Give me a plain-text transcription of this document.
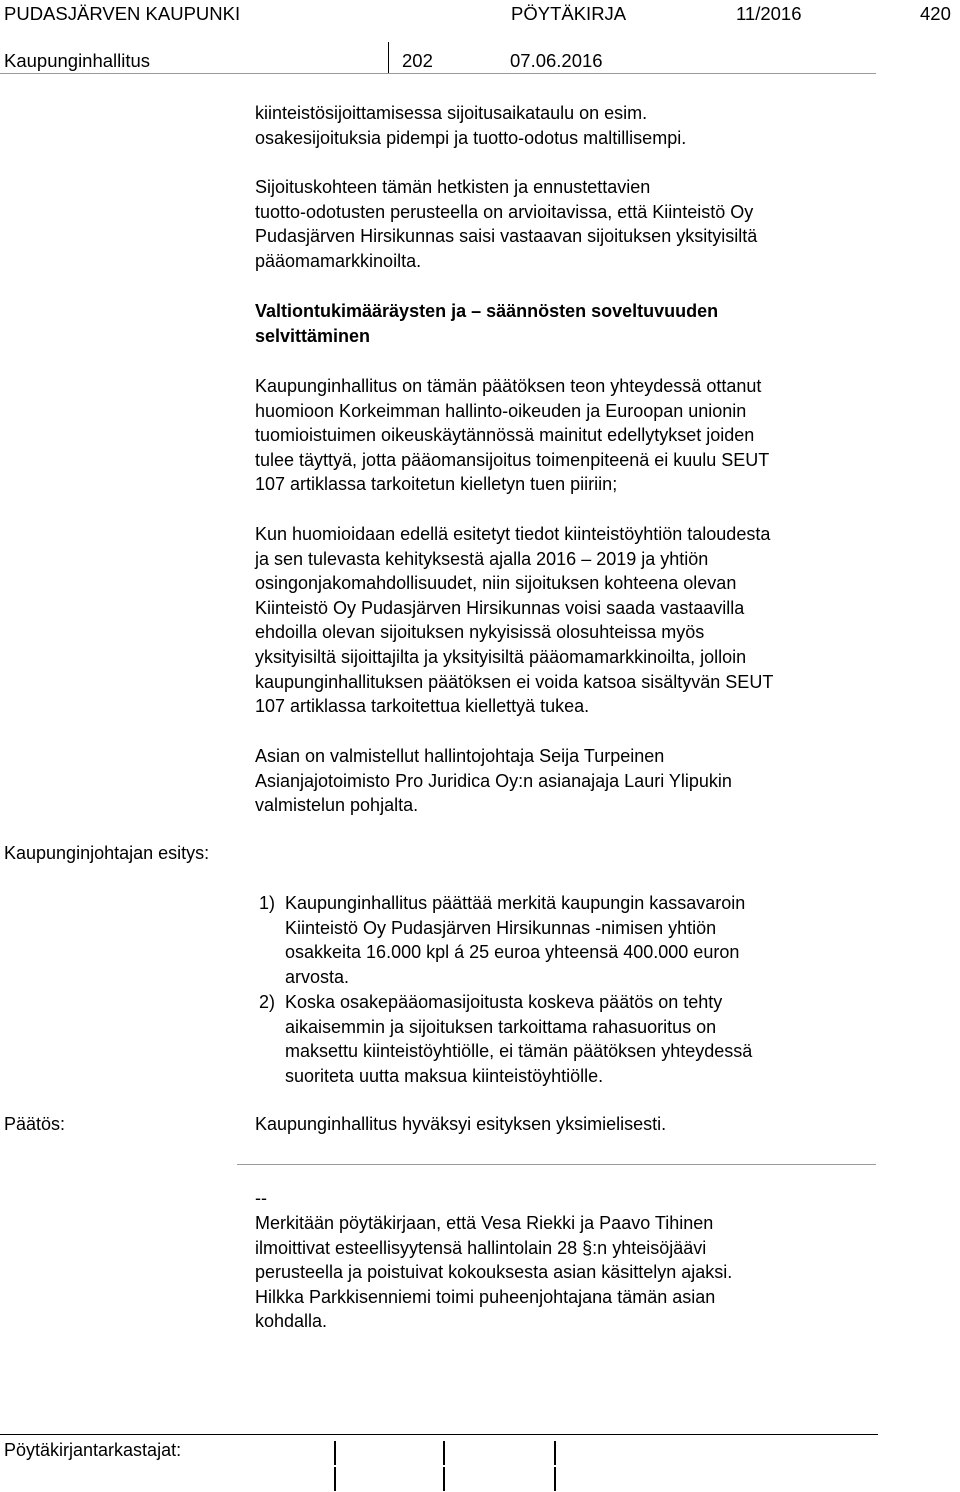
PUDASJÄRVEN KAUPUNKI	PÖYTÄKIRJA	11/2016	420
Kaupunginhallitus	202	07.06.2016

kiinteistösijoittamisessa sijoitusaikataulu on esim.

osakesijoituksia pidempi ja tuotto-odotus maltillisempi.

Sijoituskohteen tämän hetkisten ja ennustettavien

tuotto-odotusten perusteella on arvioitavissa, että Kiinteistö Oy

Pudasjärven Hirsikunnas saisi vastaavan sijoituksen yksityisiltä

pääomamarkkinoilta.

Valtiontukimääräysten ja – säännösten soveltuvuuden

selvittäminen

Kaupunginhallitus on tämän päätöksen teon yhteydessä ottanut

huomioon Korkeimman hallinto-oikeuden ja Euroopan unionin

tuomioistuimen oikeuskäytännössä mainitut edellytykset joiden

tulee täyttyä, jotta pääomansijoitus toimenpiteenä ei kuulu SEUT

107 artiklassa tarkoitetun kielletyn tuen piiriin;

Kun huomioidaan edellä esitetyt tiedot kiinteistöyhtiön taloudesta

ja sen tulevasta kehityksestä ajalla 2016 – 2019 ja yhtiön

osingonjakomahdollisuudet, niin sijoituksen kohteena olevan

Kiinteistö Oy Pudasjärven Hirsikunnas voisi saada vastaavilla

ehdoilla olevan sijoituksen nykyisissä olosuhteissa myös

yksityisiltä sijoittajilta ja yksityisiltä pääomamarkkinoilta, jolloin

kaupunginhallituksen päätöksen ei voida katsoa sisältyvän SEUT

107 artiklassa tarkoitettua kiellettyä tukea.

Asian on valmistellut hallintojohtaja Seija Turpeinen

Asianjajotoimisto Pro Juridica Oy:n asianajaja Lauri Ylipukin

valmistelun pohjalta.

Kaupunginjohtajan esitys:
1) Kaupunginhallitus päättää merkitä kaupungin kassavaroin

Kiinteistö Oy Pudasjärven Hirsikunnas -nimisen yhtiön

osakkeita 16.000 kpl á 25 euroa yhteensä 400.000 euron

arvosta.

2) Koska osakepääomasijoitusta koskeva päätös on tehty

aikaisemmin ja sijoituksen tarkoittama rahasuoritus on

maksettu kiinteistöyhtiölle, ei tämän päätöksen yhteydessä

suoriteta uutta maksua kiinteistöyhtiölle.

Päätös:	Kaupunginhallitus hyväksyi esityksen yksimielisesti.
--

Merkitään pöytäkirjaan, että Vesa Riekki ja Paavo Tihinen

ilmoittivat esteellisyytensä hallintolain 28 §:n yhteisöjäävi

perusteella ja poistuivat kokouksesta asian käsittelyn ajaksi.

Hilkka Parkkisenniemi toimi puheenjohtajana tämän asian

kohdalla.

Pöytäkirjantarkastajat:
